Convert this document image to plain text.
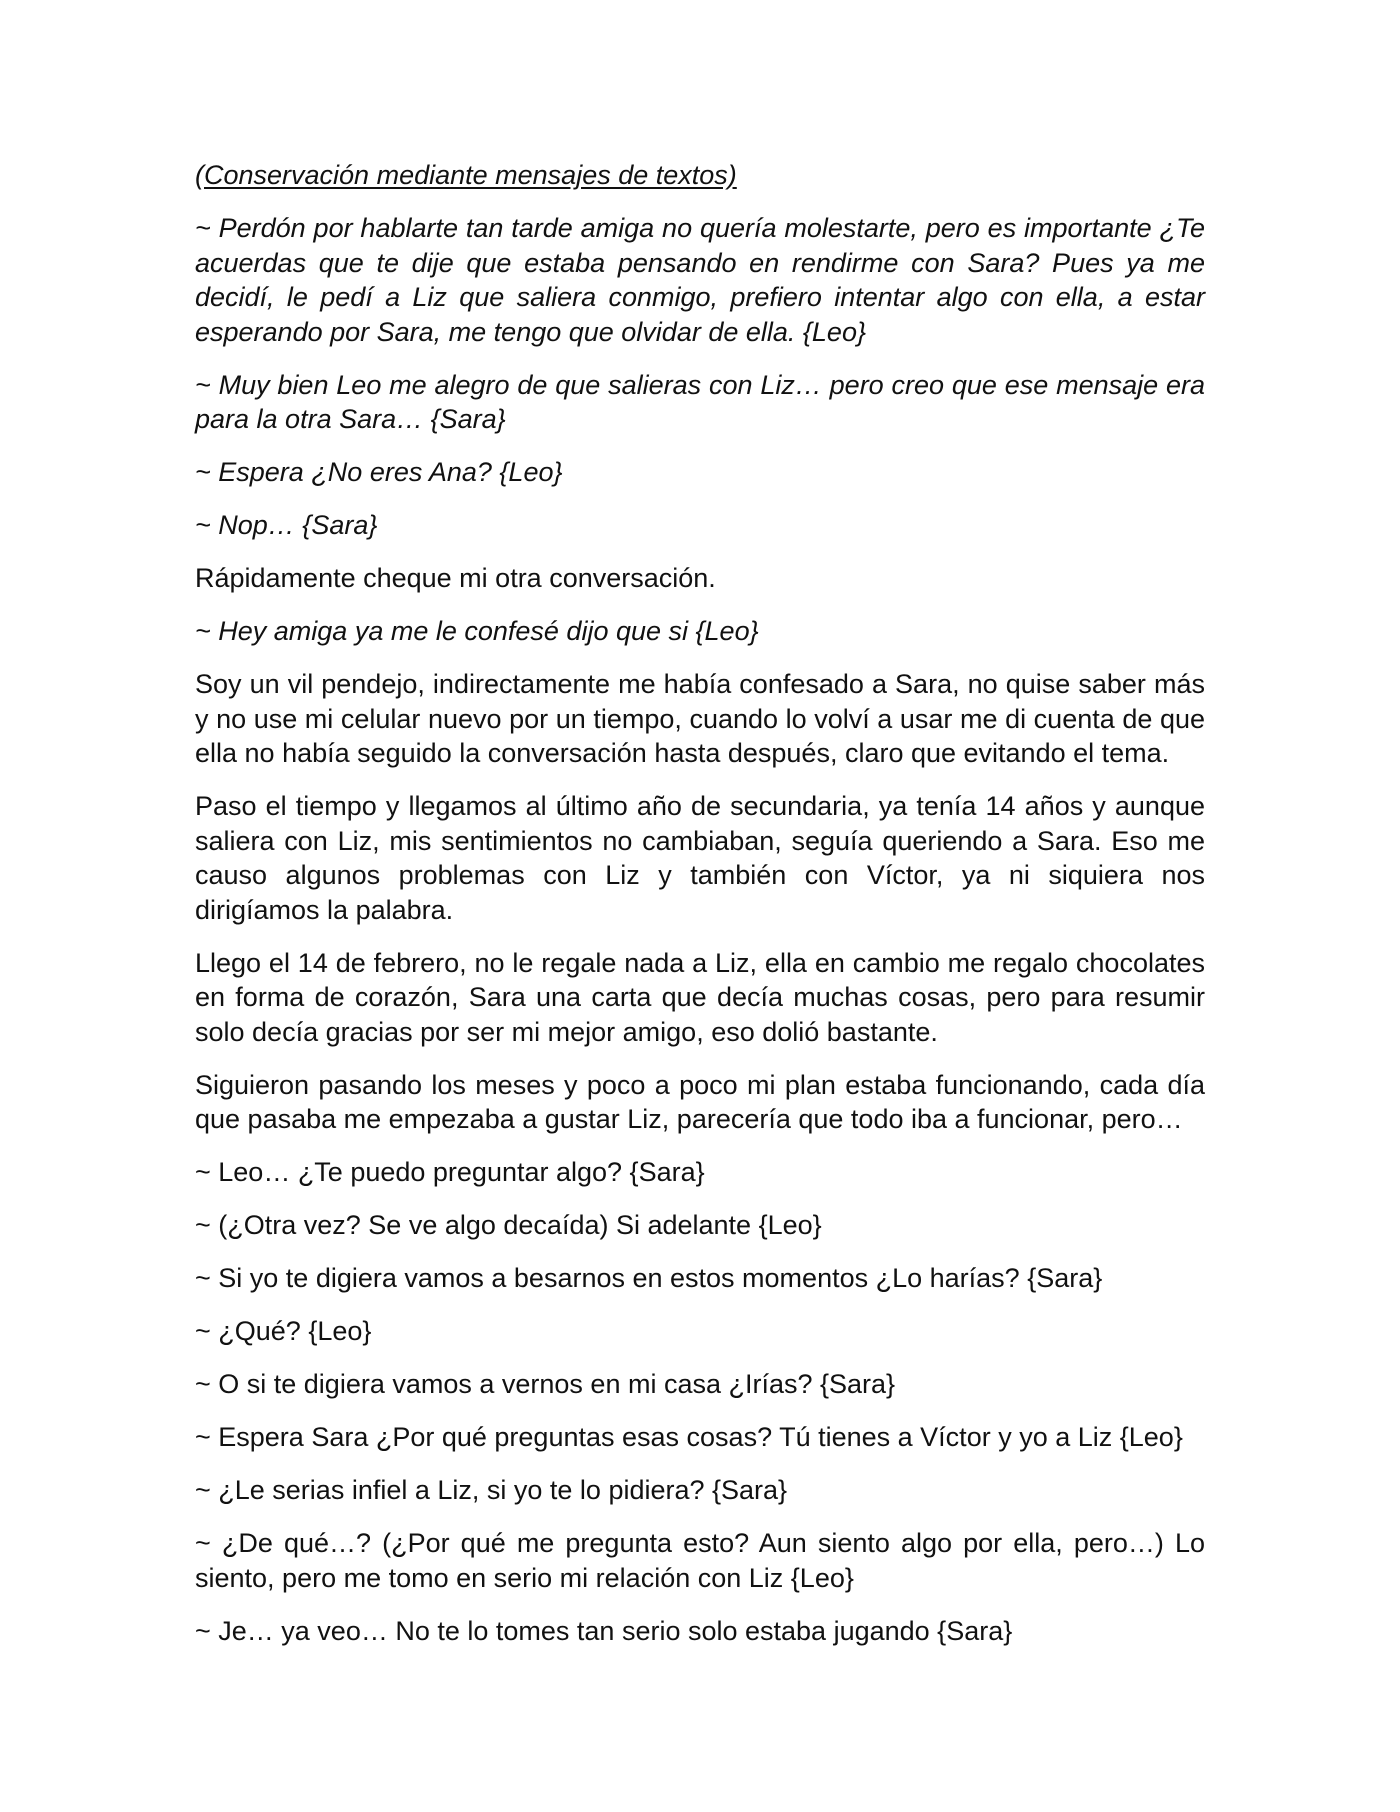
(Conservación mediante mensajes de textos)

~ Perdón por hablarte tan tarde amiga no quería molestarte, pero es importante ¿Te acuerdas que te dije que estaba pensando en rendirme con Sara? Pues ya me decidí, le pedí a Liz que saliera conmigo, prefiero intentar algo con ella, a estar esperando por Sara, me tengo que olvidar de ella. {Leo}

~ Muy bien Leo me alegro de que salieras con Liz… pero creo que ese mensaje era para la otra Sara… {Sara}

~ Espera ¿No eres Ana? {Leo}

~ Nop… {Sara}

Rápidamente cheque mi otra conversación.

~ Hey amiga ya me le confesé dijo que si {Leo}

Soy un vil pendejo, indirectamente me había confesado a Sara, no quise saber más y no use mi celular nuevo por un tiempo, cuando lo volví a usar me di cuenta de que ella no había seguido la conversación hasta después, claro que evitando el tema.

Paso el tiempo y llegamos al último año de secundaria, ya tenía 14 años y aunque saliera con Liz, mis sentimientos no cambiaban, seguía queriendo a Sara. Eso me causo algunos problemas con Liz y también con Víctor, ya ni siquiera nos dirigíamos la palabra.

Llego el 14 de febrero, no le regale nada a Liz, ella en cambio me regalo chocolates en forma de corazón, Sara una carta que decía muchas cosas, pero para resumir solo decía gracias por ser mi mejor amigo, eso dolió bastante.

Siguieron pasando los meses y poco a poco mi plan estaba funcionando, cada día que pasaba me empezaba a gustar Liz, parecería que todo iba a funcionar, pero…

~ Leo… ¿Te puedo preguntar algo? {Sara}

~ (¿Otra vez? Se ve algo decaída) Si adelante {Leo}

~ Si yo te digiera vamos a besarnos en estos momentos ¿Lo harías? {Sara}

~ ¿Qué? {Leo}

~ O si te digiera vamos a vernos en mi casa ¿Irías? {Sara}

~ Espera Sara ¿Por qué preguntas esas cosas? Tú tienes a Víctor y yo a Liz {Leo}

~ ¿Le serias infiel a Liz, si yo te lo pidiera? {Sara}

~ ¿De qué…? (¿Por qué me pregunta esto? Aun siento algo por ella, pero…) Lo siento, pero me tomo en serio mi relación con Liz {Leo}

~ Je… ya veo… No te lo tomes tan serio solo estaba jugando {Sara}
